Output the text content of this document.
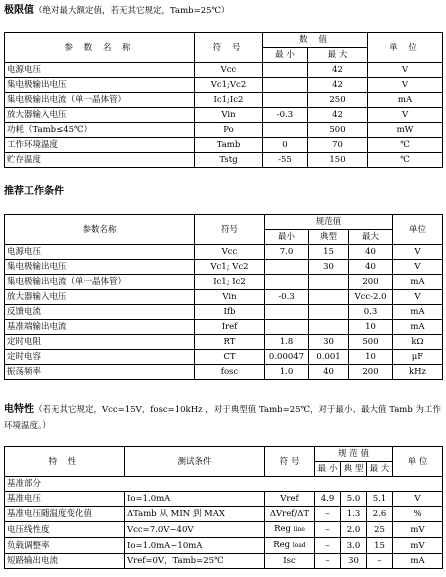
极限值（绝对最大额定值，若无其它规定，Tamb=25℃）
参 数 名 称	符 号	数 值		单 位
		最 小	最 大	
电源电压	Vcc		42	V
集电极输出电压	Vc1;Vc2		42	V
集电极输出电流（单一晶体管）	Ic1;Ic2		250	mA
放大器输入电压	Vin	-0.3	42	V
功耗（Tamb≤45℃）	Po		500	mW
工作环境温度	Tamb	0	70	℃
贮存温度	Tstg	-55	150	℃
推荐工作条件
参数名称	符号	规范值			单位
		最小	典型	最大	
电源电压	Vcc	7.0	15	40	V
集电极输出电压	Vc1; Vc2		30	40	V
集电极输出电流（单一晶体管）	Ic1; Ic2			200	mA
放大器输入电压	Vin	-0.3		Vcc-2.0	V
反馈电流	Ifb			0.3	mA
基准端输出电流	Iref			10	mA
定时电阻	RT	1.8	30	500	kΩ
定时电容	CT	0.00047	0.001	10	μF
振荡频率	fosc	1.0	40	200	kHz
电特性（若无其它规定，Vcc=15V，fosc=10kHz ，对于典型值 Tamb=25℃，对于最小、最大值 Tamb 为工作环境温度。）
特 性	测试条件	符 号	规 范 值			单 位
			最 小	典 型	最 大	
基准部分						
基准电压	Io=1.0mA	Vref	4.9	5.0	5.1	V
基准电压随温度变化值	ΔTamb 从 MIN 到 MAX	ΔVref/ΔT	–	1.3	2.6	%
电压线性度	Vcc=7.0V~40V	Reg line	–	2.0	25	mV
负载调整率	Io=1.0mA~10mA	Reg load	–	3.0	15	mV
短路输出电流	Vref=0V，Tamb=25℃	Isc	–	30	–	mA
